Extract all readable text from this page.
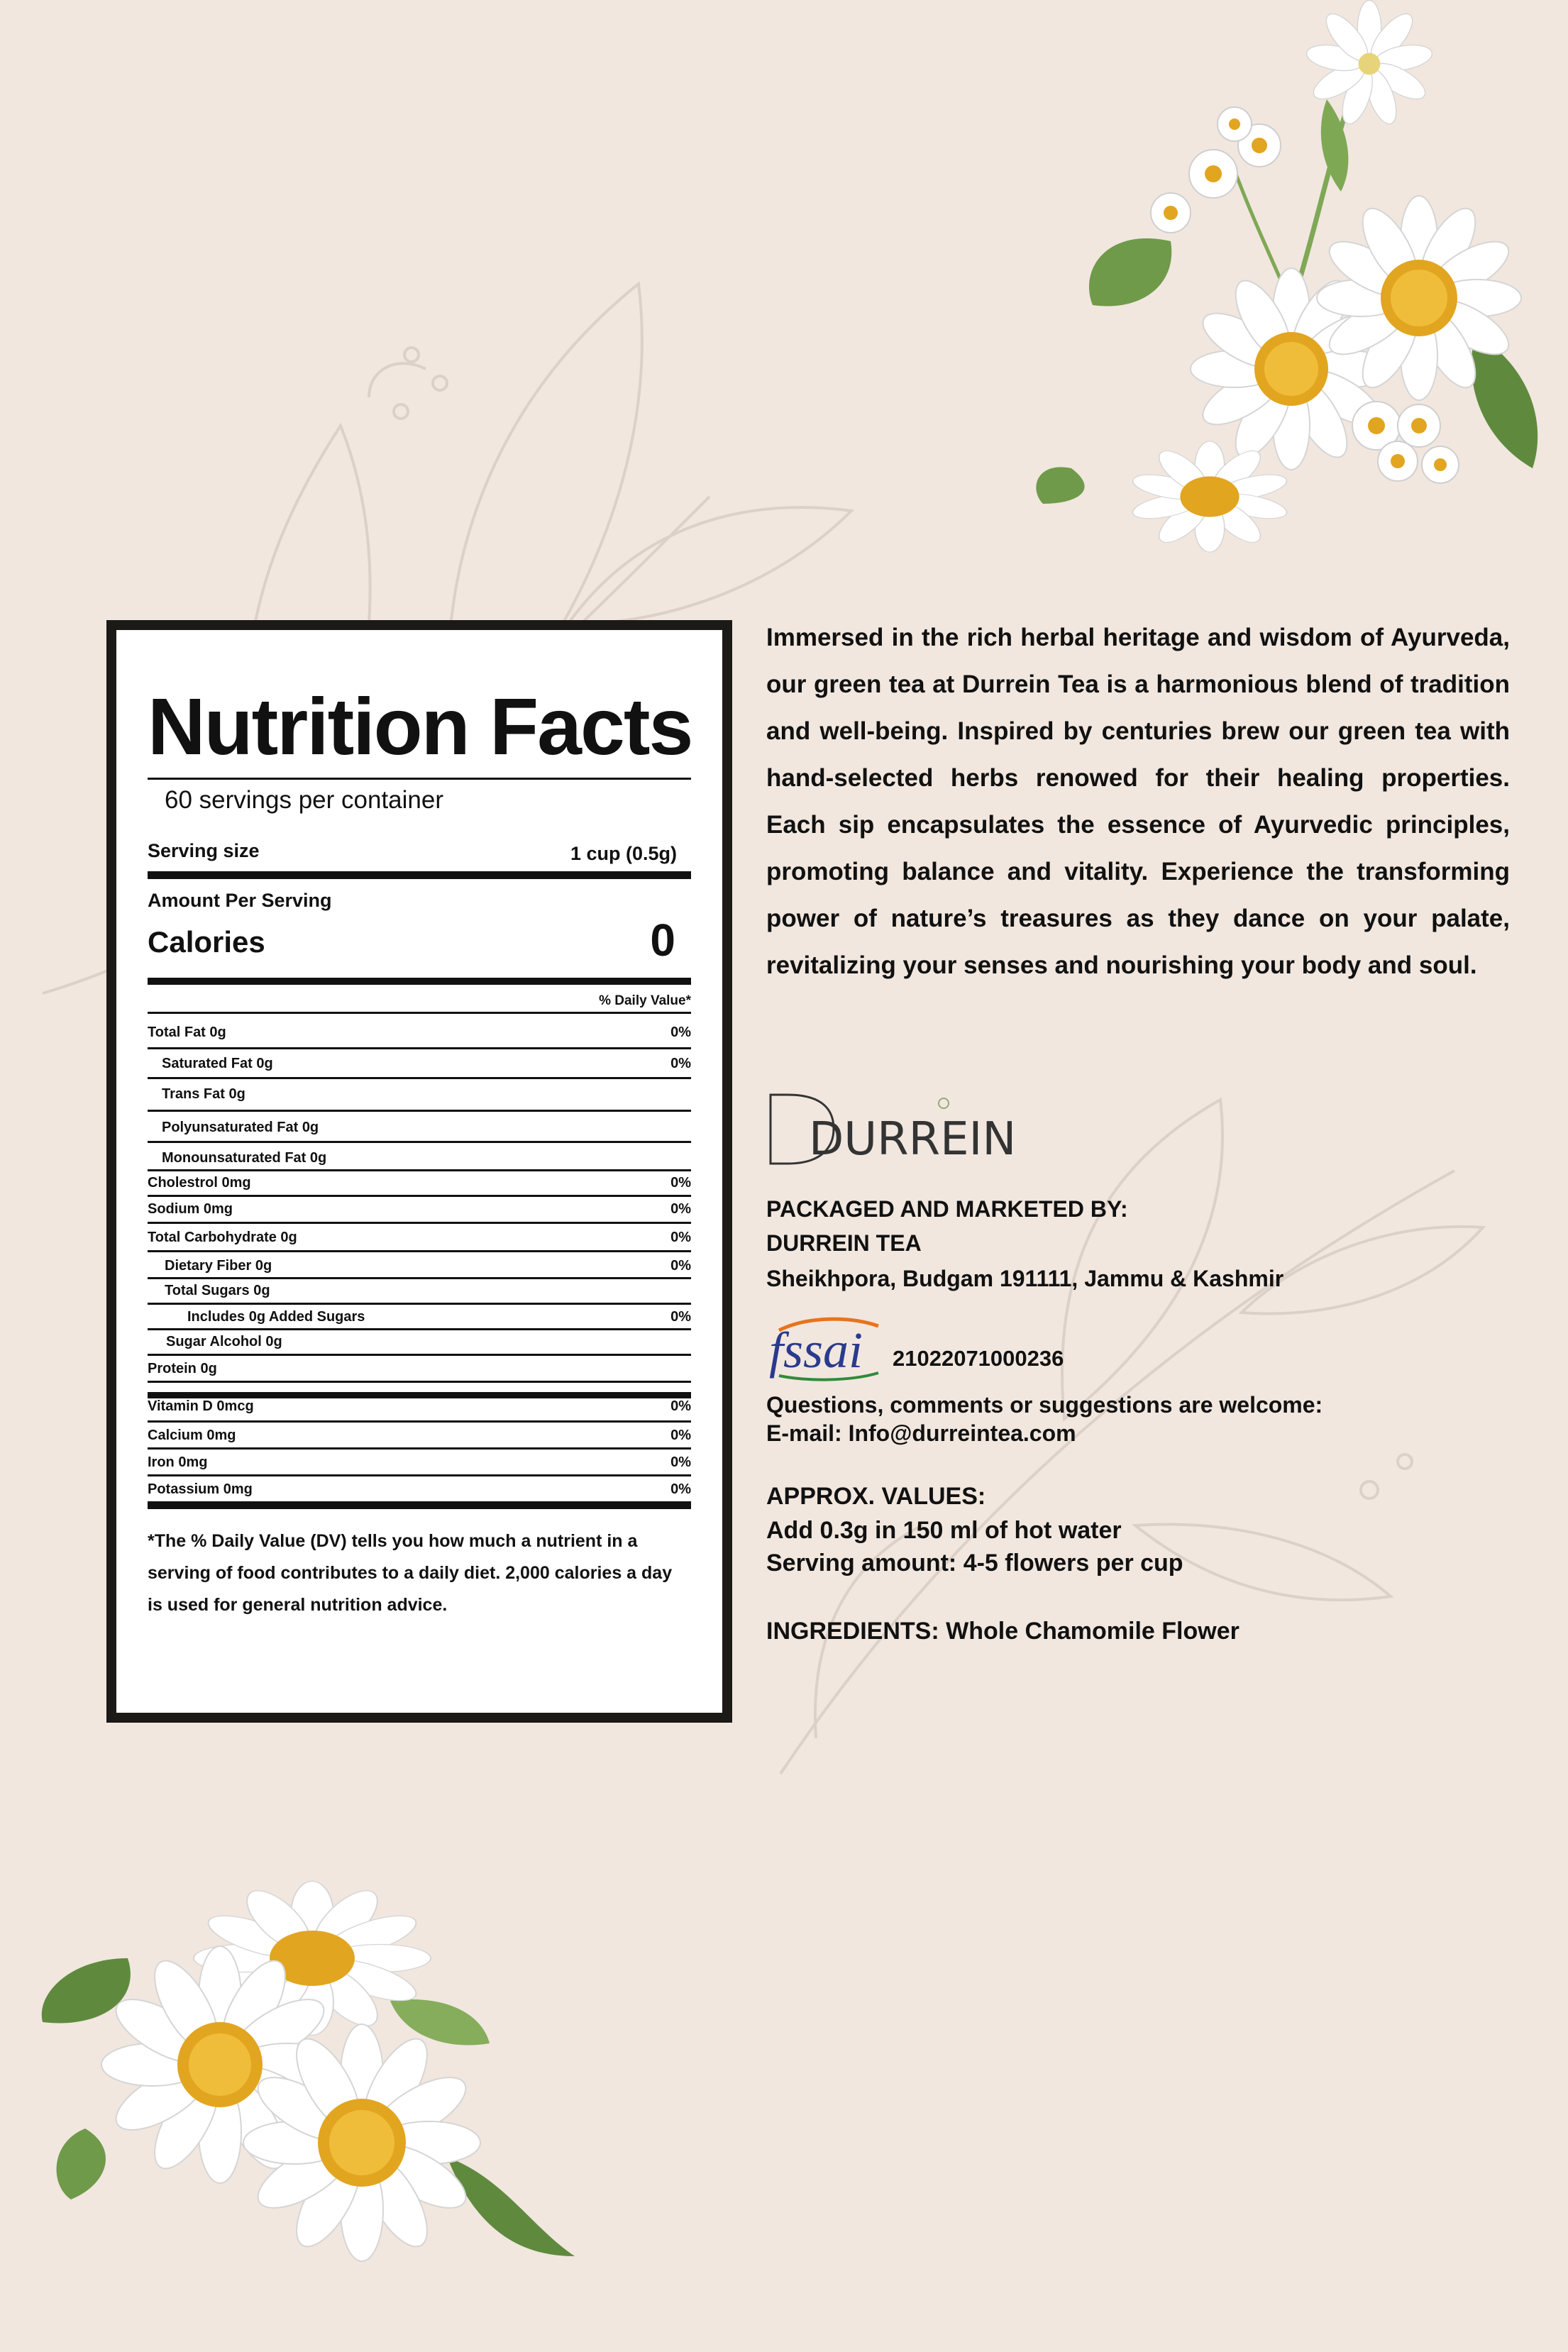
Nutrition Facts
60 servings per container
Serving size	1 cup (0.5g)
Amount Per Serving
Calories	0
% Daily Value*
Total Fat 0g	0%
Saturated Fat 0g	0%
Trans Fat 0g
Polyunsaturated Fat 0g
Monounsaturated Fat 0g
Cholestrol 0mg	0%
Sodium 0mg	0%
Total Carbohydrate 0g	0%
Dietary Fiber 0g	0%
Total Sugars 0g
Includes 0g Added Sugars	0%
Sugar Alcohol 0g
Protein 0g
Vitamin D 0mcg	0%
Calcium 0mg	0%
Iron 0mg	0%
Potassium 0mg	0%
*The % Daily Value (DV) tells you how much a nutrient in a serving of food contributes to a daily diet. 2,000 calories a day is used for general nutrition advice.
Immersed in the rich herbal heritage and wisdom of Ayurveda, our green tea at Durrein Tea is a harmonious blend of tradition and well-being. Inspired by centuries brew our green tea with hand-selected herbs renowed for their healing properties. Each sip encapsulates the essence of Ayurvedic principles, promoting balance and vitality. Experience the transforming power of nature’s treasures as they dance on your palate, revitalizing your senses and nourishing your body and soul.
DURREIN
PACKAGED AND MARKETED BY:
DURREIN TEA
Sheikhpora, Budgam 191111, Jammu & Kashmir
fssai 21022071000236
Questions, comments or suggestions are welcome:
E-mail: Info@durreintea.com
APPROX. VALUES:
Add 0.3g in 150 ml of hot water
Serving amount: 4-5 flowers per cup
INGREDIENTS: Whole Chamomile Flower
